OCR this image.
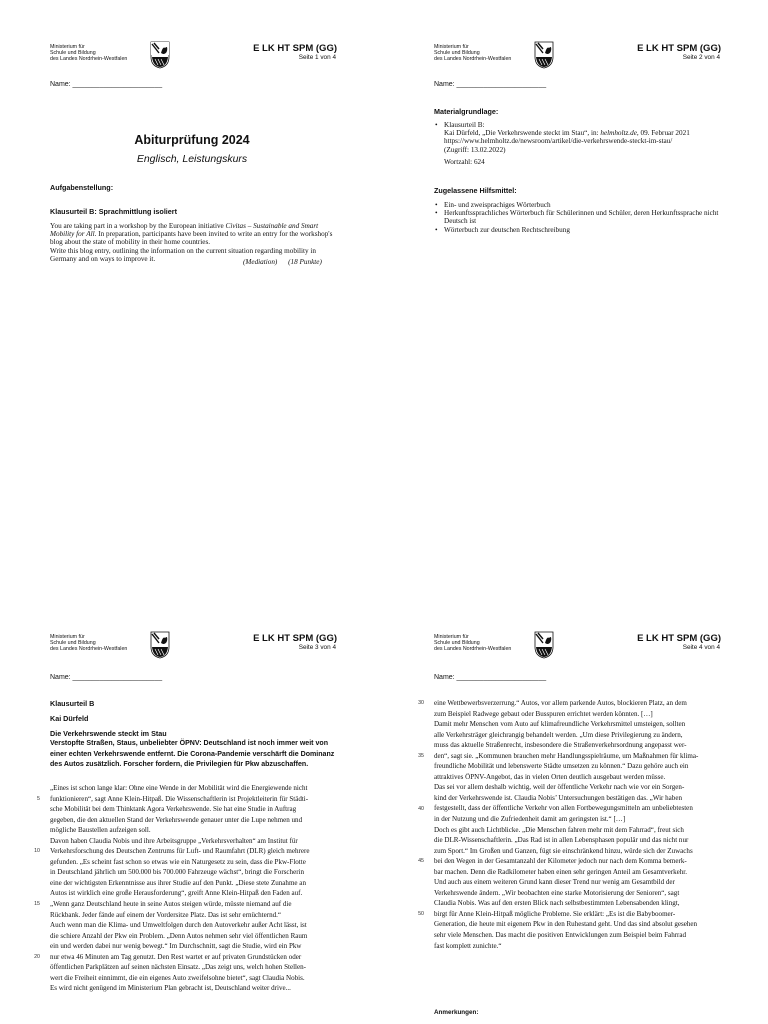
Ministerium für
Schule und Bildung
des Landes Nordrhein-Westfalen
E LK HT SPM (GG)
Seite 1 von 4
Name: _______________________
Abiturprüfung 2024
Englisch, Leistungskurs
Aufgabenstellung:
Klausurteil B: Sprachmittlung isoliert
You are taking part in a workshop by the European initiative Civitas – Sustainable and Smart Mobility for All. In preparation, participants have been invited to write an entry for the workshop's blog about the state of mobility in their home countries.
Write this blog entry, outlining the information on the current situation regarding mobility in Germany and on ways to improve it.	(Mediation) (18 Punkte)
Ministerium für
Schule und Bildung
des Landes Nordrhein-Westfalen
E LK HT SPM (GG)
Seite 2 von 4
Name: _______________________
Materialgrundlage:
• Klausurteil B:
Kai Dürfeld, „Die Verkehrswende steckt im Stau“, in: helmholtz.de, 09. Februar 2021
https://www.helmholtz.de/newsroom/artikel/die-verkehrswende-steckt-im-stau/
(Zugriff: 13.02.2022)
Wortzahl: 624
Zugelassene Hilfsmittel:
• Ein- und zweisprachiges Wörterbuch
• Herkunftssprachliches Wörterbuch für Schülerinnen und Schüler, deren Herkunftssprache nicht Deutsch ist
• Wörterbuch zur deutschen Rechtschreibung
Ministerium für
Schule und Bildung
des Landes Nordrhein-Westfalen
E LK HT SPM (GG)
Seite 3 von 4
Name: _______________________
Klausurteil B
Kai Dürfeld
Die Verkehrswende steckt im Stau

Verstopfte Straßen, Staus, unbeliebter ÖPNV: Deutschland ist noch immer weit von

einer echten Verkehrswende entfernt. Die Corona-Pandemie verschärft die Dominanz

des Autos zusätzlich. Forscher fordern, die Privilegien für Pkw abzuschaffen.

„Eines ist schon lange klar: Ohne eine Wende in der Mobilität wird die Energiewende nicht

funktionieren“, sagt Anne Klein-Hitpaß. Die Wissenschaftlerin ist Projektleiterin für Städti-

sche Mobilität bei dem Thinktank Agora Verkehrswende. Sie hat eine Studie in Auftrag

gegeben, die den aktuellen Stand der Verkehrswende genauer unter die Lupe nehmen und

mögliche Baustellen aufzeigen soll.

Davon haben Claudia Nobis und ihre Arbeitsgruppe „Verkehrsverhalten“ am Institut für

Verkehrsforschung des Deutschen Zentrums für Luft- und Raumfahrt (DLR) gleich mehrere

gefunden. „Es scheint fast schon so etwas wie ein Naturgesetz zu sein, dass die Pkw-Flotte

in Deutschland jährlich um 500.000 bis 700.000 Fahrzeuge wächst“, bringt die Forscherin

eine der wichtigsten Erkenntnisse aus ihrer Studie auf den Punkt. „Diese stete Zunahme an

Autos ist wirklich eine große Herausforderung“, greift Anne Klein-Hitpaß den Faden auf.

„Wenn ganz Deutschland heute in seine Autos steigen würde, müsste niemand auf die

Rückbank. Jeder fände auf einem der Vordersitze Platz. Das ist sehr ernüchternd.“

Auch wenn man die Klima- und Umweltfolgen durch den Autoverkehr außer Acht lässt, ist

die schiere Anzahl der Pkw ein Problem. „Denn Autos nehmen sehr viel öffentlichen Raum

ein und werden dabei nur wenig bewegt.“ Im Durchschnitt, sagt die Studie, wird ein Pkw

nur etwa 46 Minuten am Tag genutzt. Den Rest wartet er auf privaten Grundstücken oder

öffentlichen Parkplätzen auf seinen nächsten Einsatz. „Das zeigt uns, welch hohen Stellen-

wert die Freiheit einnimmt, die ein eigenes Auto zweifelsohne bietet“, sagt Claudia Nobis.

Es wird nicht genügend im Ministerium Plan gebracht ist, Deutschland weiter drive...

5
10
15
20
Ministerium für
Schule und Bildung
des Landes Nordrhein-Westfalen
E LK HT SPM (GG)
Seite 4 von 4
Name: _______________________

eine Wettbewerbsverzerrung.“ Autos, vor allem parkende Autos, blockieren Platz, an dem

zum Beispiel Radwege gebaut oder Busspuren errichtet werden könnten. […]

Damit mehr Menschen vom Auto auf klimafreundliche Verkehrsmittel umsteigen, sollten

alle Verkehrsträger gleichrangig behandelt werden. „Um diese Privilegierung zu ändern,

muss das aktuelle Straßenrecht, insbesondere die Straßenverkehrsordnung angepasst wer-

den“, sagt sie. „Kommunen brauchen mehr Handlungsspielräume, um Maßnahmen für klima-

freundliche Mobilität und lebenswerte Städte umsetzen zu können.“ Dazu gehöre auch ein

attraktives ÖPNV-Angebot, das in vielen Orten deutlich ausgebaut werden müsse.

Das sei vor allem deshalb wichtig, weil der öffentliche Verkehr nach wie vor ein Sorgen-

kind der Verkehrswende ist. Claudia Nobis’ Untersuchungen bestätigen das. „Wir haben

festgestellt, dass der öffentliche Verkehr von allen Fortbewegungsmitteln am unbeliebtesten

in der Nutzung und die Zufriedenheit damit am geringsten ist.“ […]

Doch es gibt auch Lichtblicke. „Die Menschen fahren mehr mit dem Fahrrad“, freut sich

die DLR-Wissenschaftlerin. „Das Rad ist in allen Lebensphasen populär und das nicht nur

zum Sport.“ Im Großen und Ganzen, fügt sie einschränkend hinzu, würde sich der Zuwachs

bei den Wegen in der Gesamtanzahl der Kilometer jedoch nur nach dem Komma bemerk-

bar machen. Denn die Radkilometer haben einen sehr geringen Anteil am Gesamtverkehr.

Und auch aus einem weiteren Grund kann dieser Trend nur wenig am Gesamtbild der

Verkehrswende ändern. „Wir beobachten eine starke Motorisierung der Senioren“, sagt

Claudia Nobis. Was auf den ersten Blick nach selbstbestimmten Lebensabenden klingt,

birgt für Anne Klein-Hitpaß mögliche Probleme. Sie erklärt: „Es ist die Babyboomer-

Generation, die heute mit eigenem Pkw in den Ruhestand geht. Und das sind absolut gesehen

sehr viele Menschen. Das macht die positiven Entwicklungen zum Beispiel beim Fahrrad

fast komplett zunichte.“

30
35
40
45
50
Anmerkungen:
